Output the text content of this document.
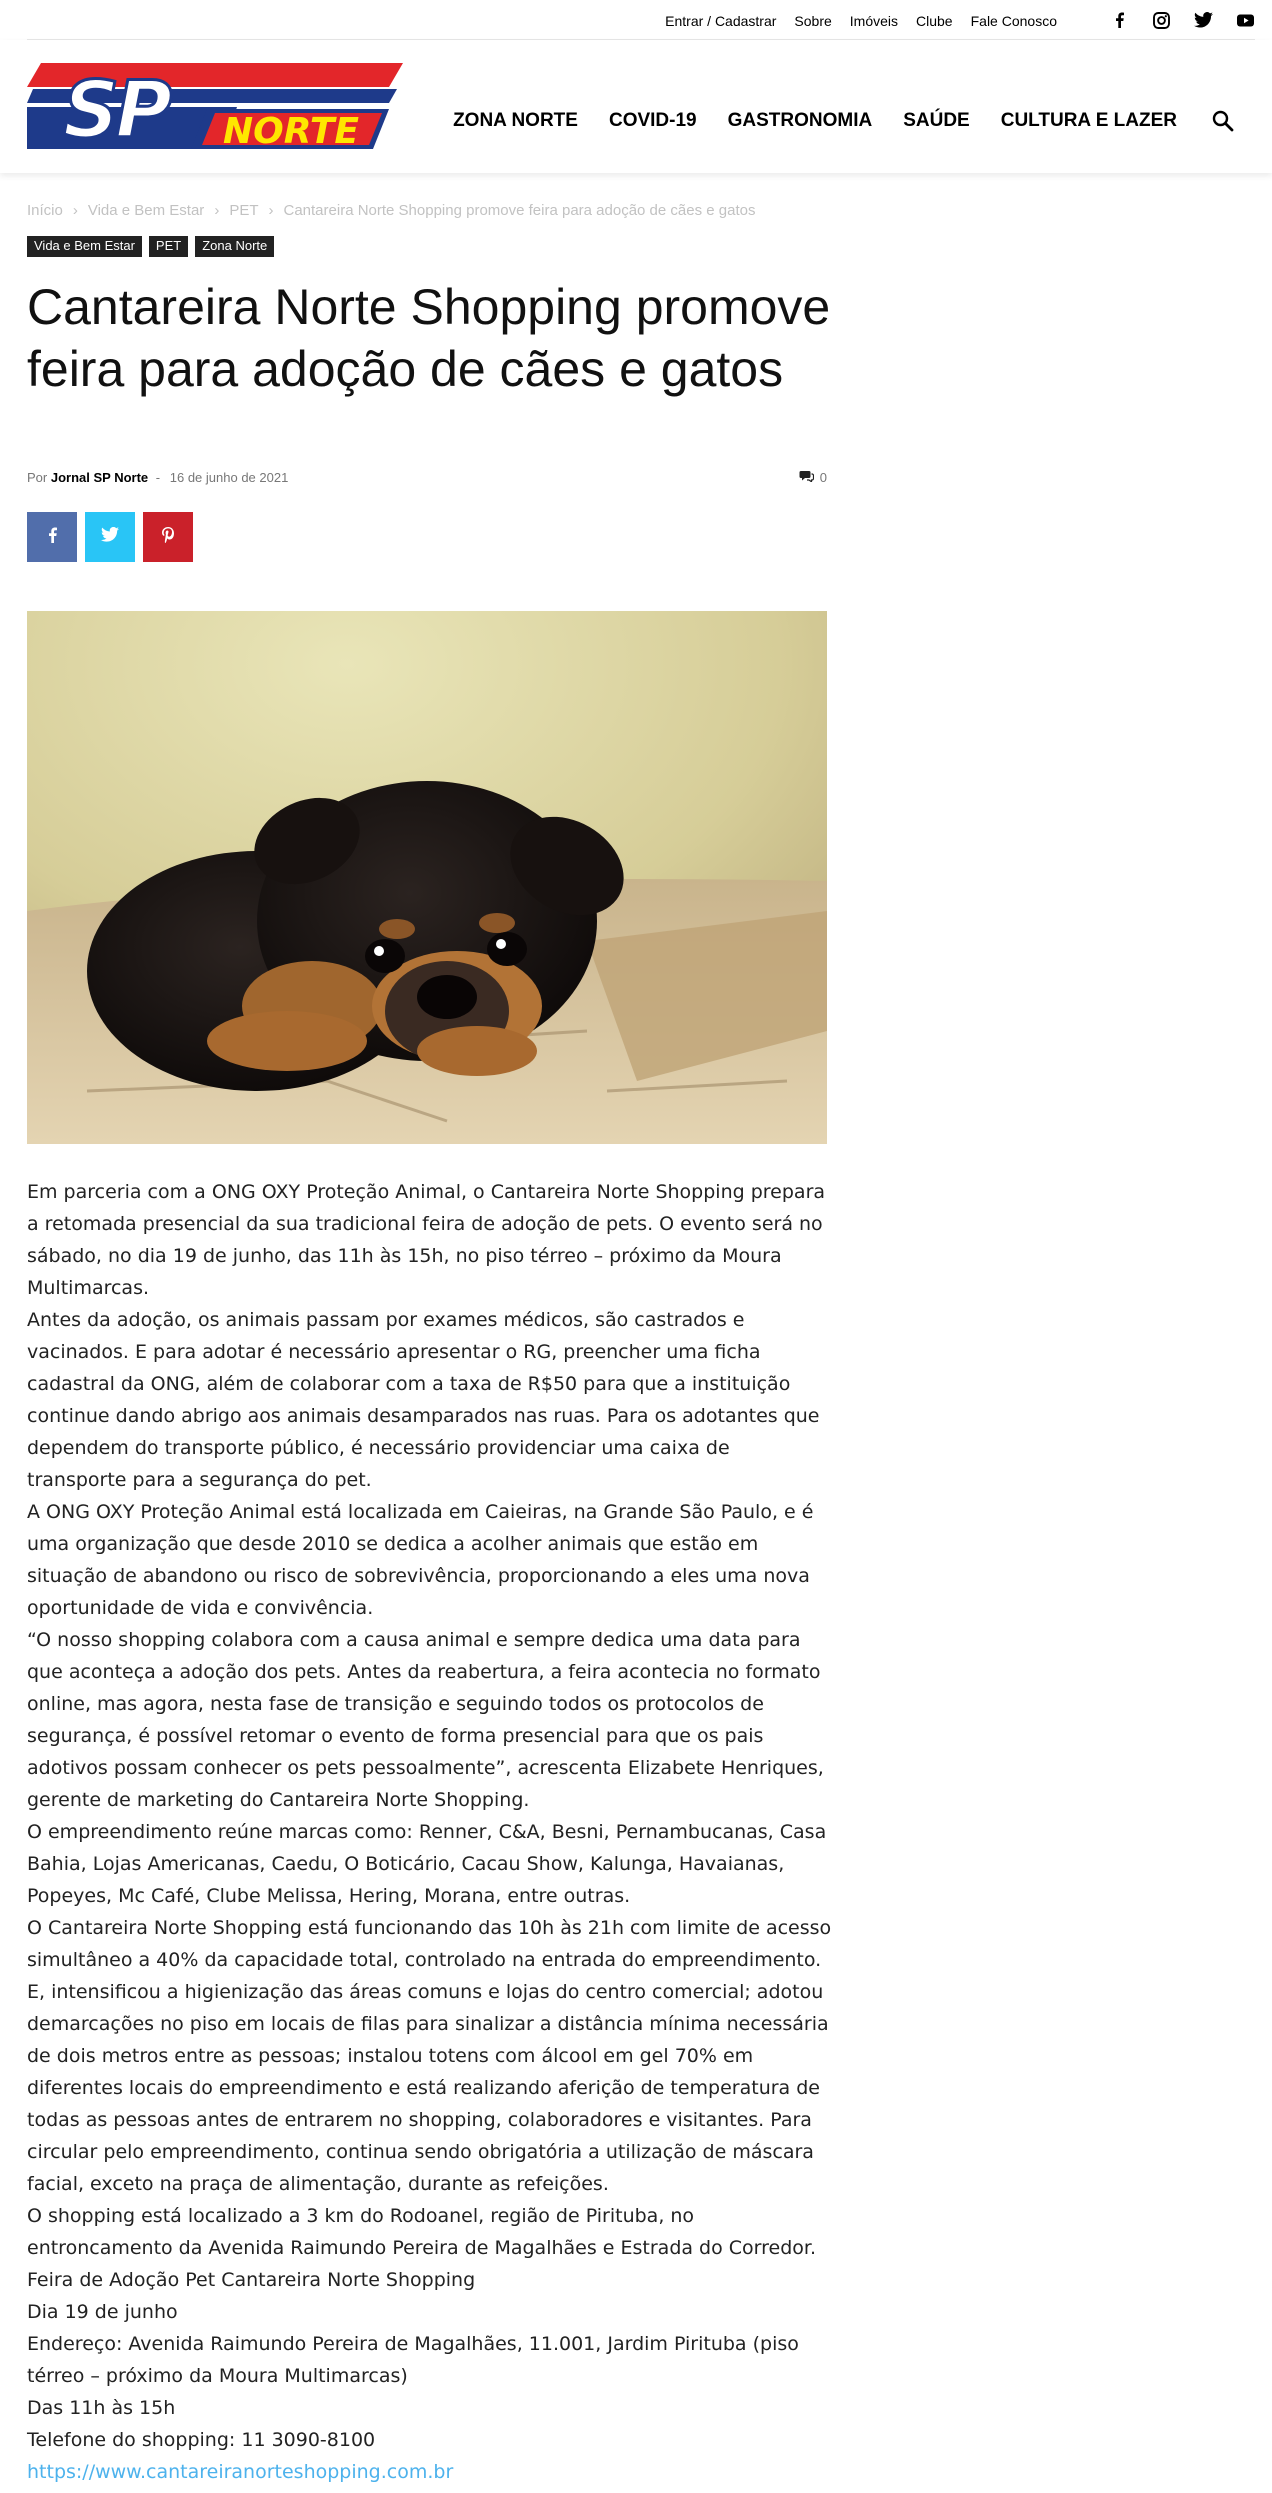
Entrar / Cadastrar Sobre Imóveis Clube Fale Conosco
SP NORTE	ZONA NORTE COVID-19 GASTRONOMIA SAÚDE CULTURA E LAZER
Início › Vida e Bem Estar › PET › Cantareira Norte Shopping promove feira para adoção de cães e gatos
Vida e Bem Estar	PET	Zona Norte
Cantareira Norte Shopping promove feira para adoção de cães e gatos
Por Jornal SP Norte - 16 de junho de 2021	0

Em parceria com a ONG OXY Proteção Animal, o Cantareira Norte Shopping prepara a retomada presencial da sua tradicional feira de adoção de pets. O evento será no sábado, no dia 19 de junho, das 11h às 15h, no piso térreo – próximo da Moura Multimarcas.

Antes da adoção, os animais passam por exames médicos, são castrados e vacinados. E para adotar é necessário apresentar o RG, preencher uma ficha cadastral da ONG, além de colaborar com a taxa de R$50 para que a instituição continue dando abrigo aos animais desamparados nas ruas. Para os adotantes que dependem do transporte público, é necessário providenciar uma caixa de transporte para a segurança do pet.

A ONG OXY Proteção Animal está localizada em Caieiras, na Grande São Paulo, e é uma organização que desde 2010 se dedica a acolher animais que estão em situação de abandono ou risco de sobrevivência, proporcionando a eles uma nova oportunidade de vida e convivência.

“O nosso shopping colabora com a causa animal e sempre dedica uma data para que aconteça a adoção dos pets. Antes da reabertura, a feira acontecia no formato online, mas agora, nesta fase de transição e seguindo todos os protocolos de segurança, é possível retomar o evento de forma presencial para que os pais adotivos possam conhecer os pets pessoalmente”, acrescenta Elizabete Henriques, gerente de marketing do Cantareira Norte Shopping.

O empreendimento reúne marcas como: Renner, C&A, Besni, Pernambucanas, Casa Bahia, Lojas Americanas, Caedu, O Boticário, Cacau Show, Kalunga, Havaianas, Popeyes, Mc Café, Clube Melissa, Hering, Morana, entre outras.

O Cantareira Norte Shopping está funcionando das 10h às 21h com limite de acesso simultâneo a 40% da capacidade total, controlado na entrada do empreendimento. E, intensificou a higienização das áreas comuns e lojas do centro comercial; adotou demarcações no piso em locais de filas para sinalizar a distância mínima necessária de dois metros entre as pessoas; instalou totens com álcool em gel 70% em diferentes locais do empreendimento e está realizando aferição de temperatura de todas as pessoas antes de entrarem no shopping, colaboradores e visitantes. Para circular pelo empreendimento, continua sendo obrigatória a utilização de máscara facial, exceto na praça de alimentação, durante as refeições.

O shopping está localizado a 3 km do Rodoanel, região de Pirituba, no entroncamento da Avenida Raimundo Pereira de Magalhães e Estrada do Corredor.

Feira de Adoção Pet Cantareira Norte Shopping

Dia 19 de junho

Endereço: Avenida Raimundo Pereira de Magalhães, 11.001, Jardim Pirituba (piso térreo – próximo da Moura Multimarcas)

Das 11h às 15h

Telefone do shopping: 11 3090-8100

https://www.cantareiranorteshopping.com.br
